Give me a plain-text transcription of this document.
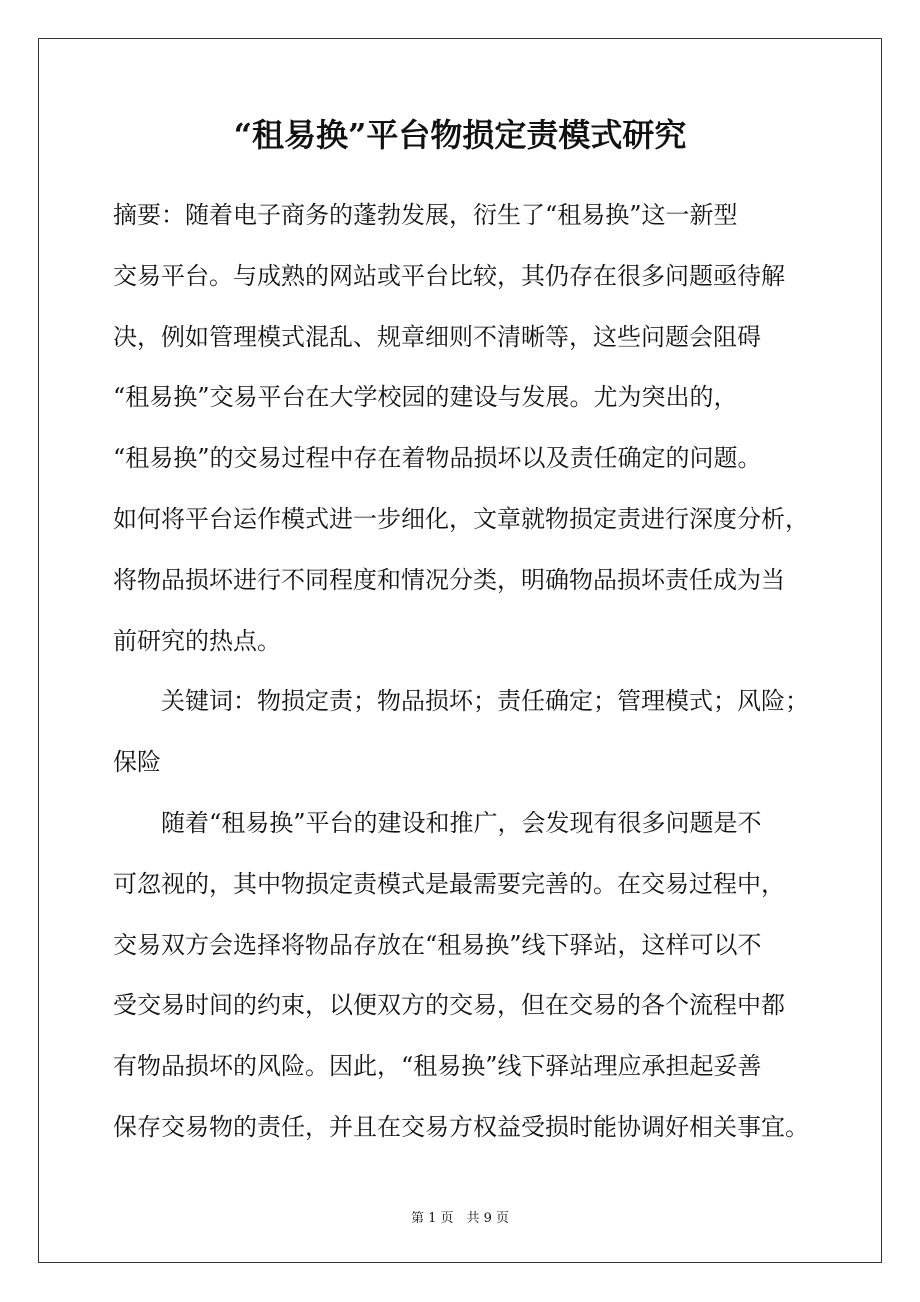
“租易换”平台物损定责模式研究
摘要：随着电子商务的蓬勃发展，衍生了“租易换”这一新型
交易平台。与成熟的网站或平台比较，其仍存在很多问题亟待解
决，例如管理模式混乱、规章细则不清晰等，这些问题会阻碍
“租易换”交易平台在大学校园的建设与发展。尤为突出的，
“租易换”的交易过程中存在着物品损坏以及责任确定的问题。
如何将平台运作模式进一步细化，文章就物损定责进行深度分析，
将物品损坏进行不同程度和情况分类，明确物品损坏责任成为当
前研究的热点。
　　关键词：物损定责；物品损坏；责任确定；管理模式；风险；
保险
　　随着“租易换”平台的建设和推广，会发现有很多问题是不
可忽视的，其中物损定责模式是最需要完善的。在交易过程中，
交易双方会选择将物品存放在“租易换”线下驿站，这样可以不
受交易时间的约束，以便双方的交易，但在交易的各个流程中都
有物品损坏的风险。因此，“租易换”线下驿站理应承担起妥善
保存交易物的责任，并且在交易方权益受损时能协调好相关事宜。
第 1 页　共 9 页
